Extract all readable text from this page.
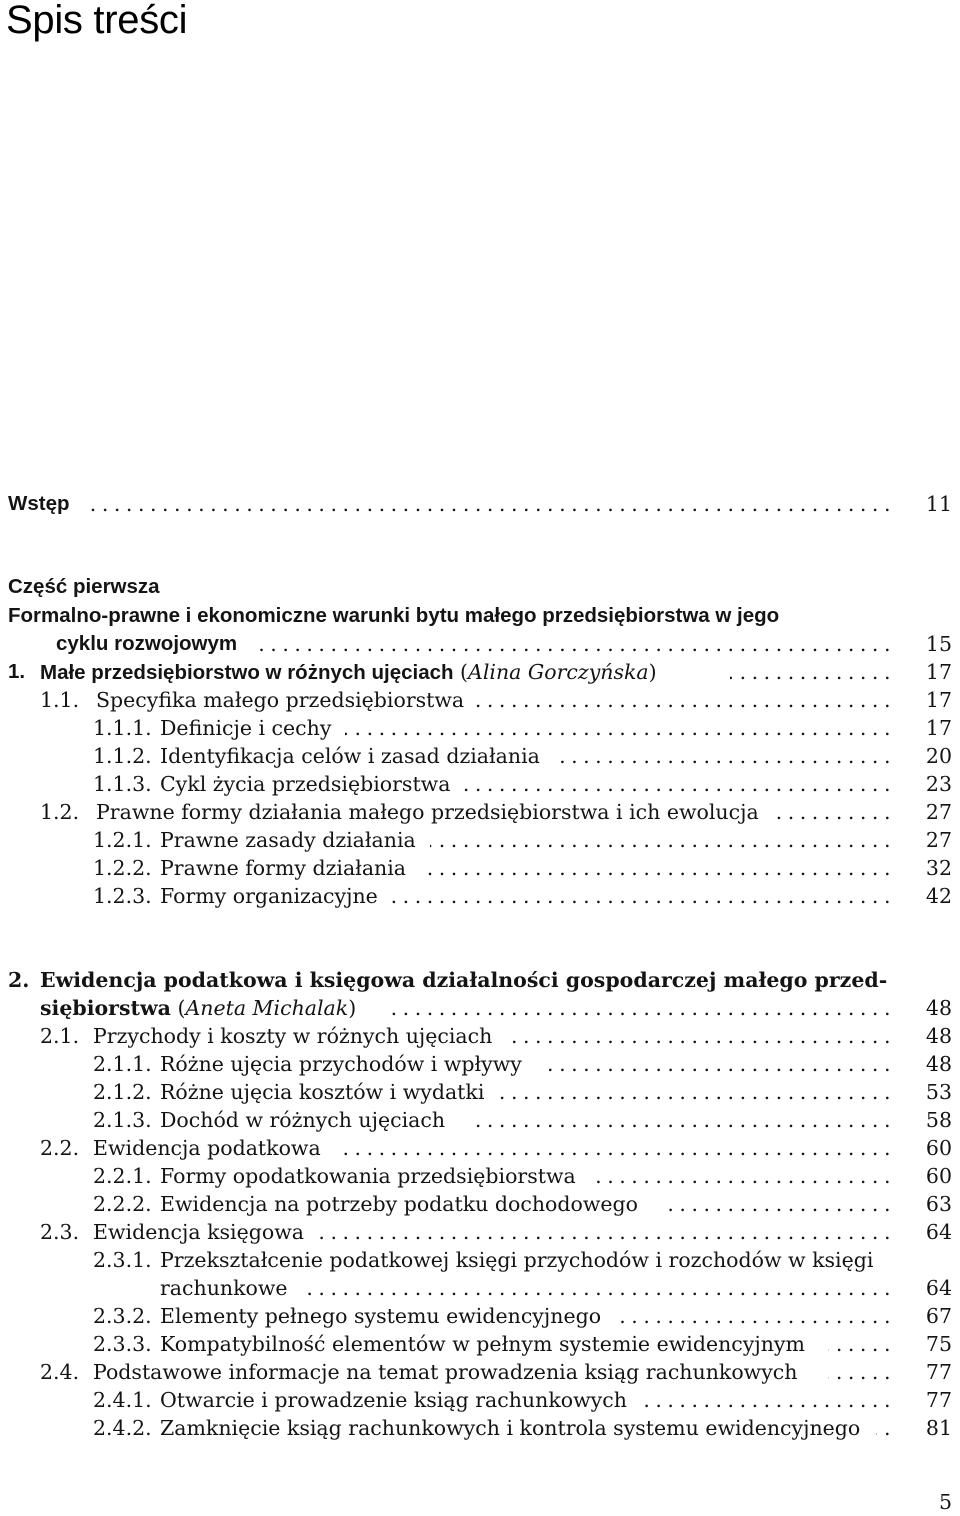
Spis treści
Wstęp . . .	11
Część pierwsza
Formalno-prawne i ekonomiczne warunki bytu małego przedsiębiorstwa w jego
cyklu rozwojowym . . .	15
1. Małe przedsiębiorstwo w różnych ujęciach (Alina Gorczyńska) . . .	17
1.1. Specyfika małego przedsiębiorstwa . . .	17
1.1.1. Definicje i cechy . . .	17
1.1.2. Identyfikacja celów i zasad działania . . .	20
1.1.3. Cykl życia przedsiębiorstwa . . .	23
1.2. Prawne formy działania małego przedsiębiorstwa i ich ewolucja . . .	27
1.2.1. Prawne zasady działania . . .	27
1.2.2. Prawne formy działania . . .	32
1.2.3. Formy organizacyjne . . .	42
2. Ewidencja podatkowa i księgowa działalności gospodarczej małego przed-
siębiorstwa (Aneta Michalak) . . .	48
2.1. Przychody i koszty w różnych ujęciach . . .	48
2.1.1. Różne ujęcia przychodów i wpływy . . .	48
2.1.2. Różne ujęcia kosztów i wydatki . . .	53
2.1.3. Dochód w różnych ujęciach . . .	58
2.2. Ewidencja podatkowa . . .	60
2.2.1. Formy opodatkowania przedsiębiorstwa . . .	60
2.2.2. Ewidencja na potrzeby podatku dochodowego . . .	63
2.3. Ewidencja księgowa . . .	64
2.3.1. Przekształcenie podatkowej księgi przychodów i rozchodów w księgi
rachunkowe . . .	64
2.3.2. Elementy pełnego systemu ewidencyjnego . . .	67
2.3.3. Kompatybilność elementów w pełnym systemie ewidencyjnym . . .	75
2.4. Podstawowe informacje na temat prowadzenia ksiąg rachunkowych . . .	77
2.4.1. Otwarcie i prowadzenie ksiąg rachunkowych . . .	77
2.4.2. Zamknięcie ksiąg rachunkowych i kontrola systemu ewidencyjnego . . .	81
5
